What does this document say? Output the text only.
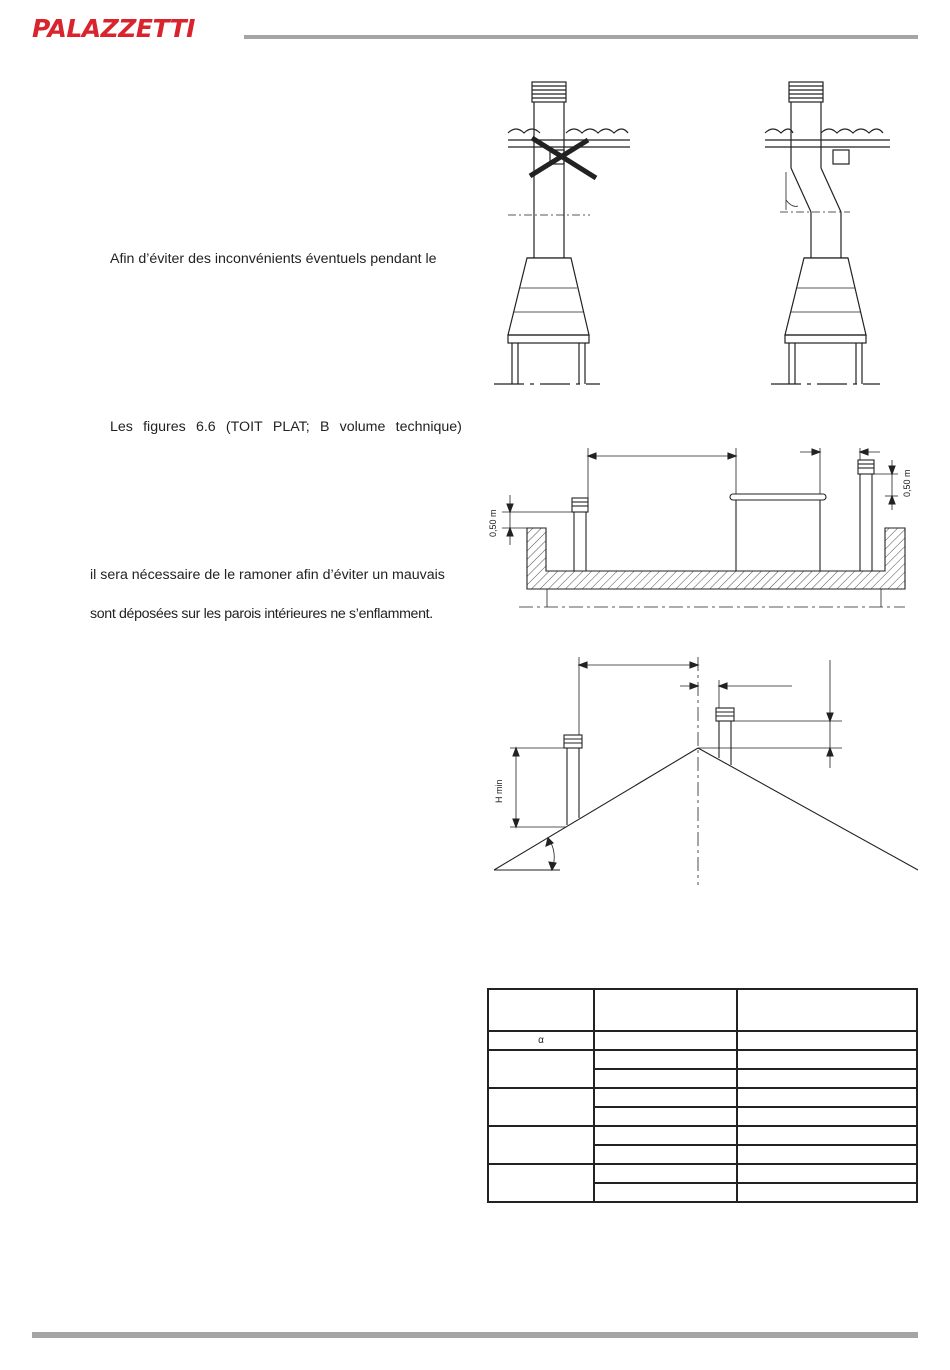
PALAZZETTI
Afin d’éviter des inconvénients éventuels pendant le
Les figures 6.6 (TOIT PLAT; B volume technique)
il sera nécessaire de le ramoner afin d’éviter un mauvais
sont déposées sur les parois intérieures ne s’enflamment.
0,50 m
0,50 m
H min

α		
